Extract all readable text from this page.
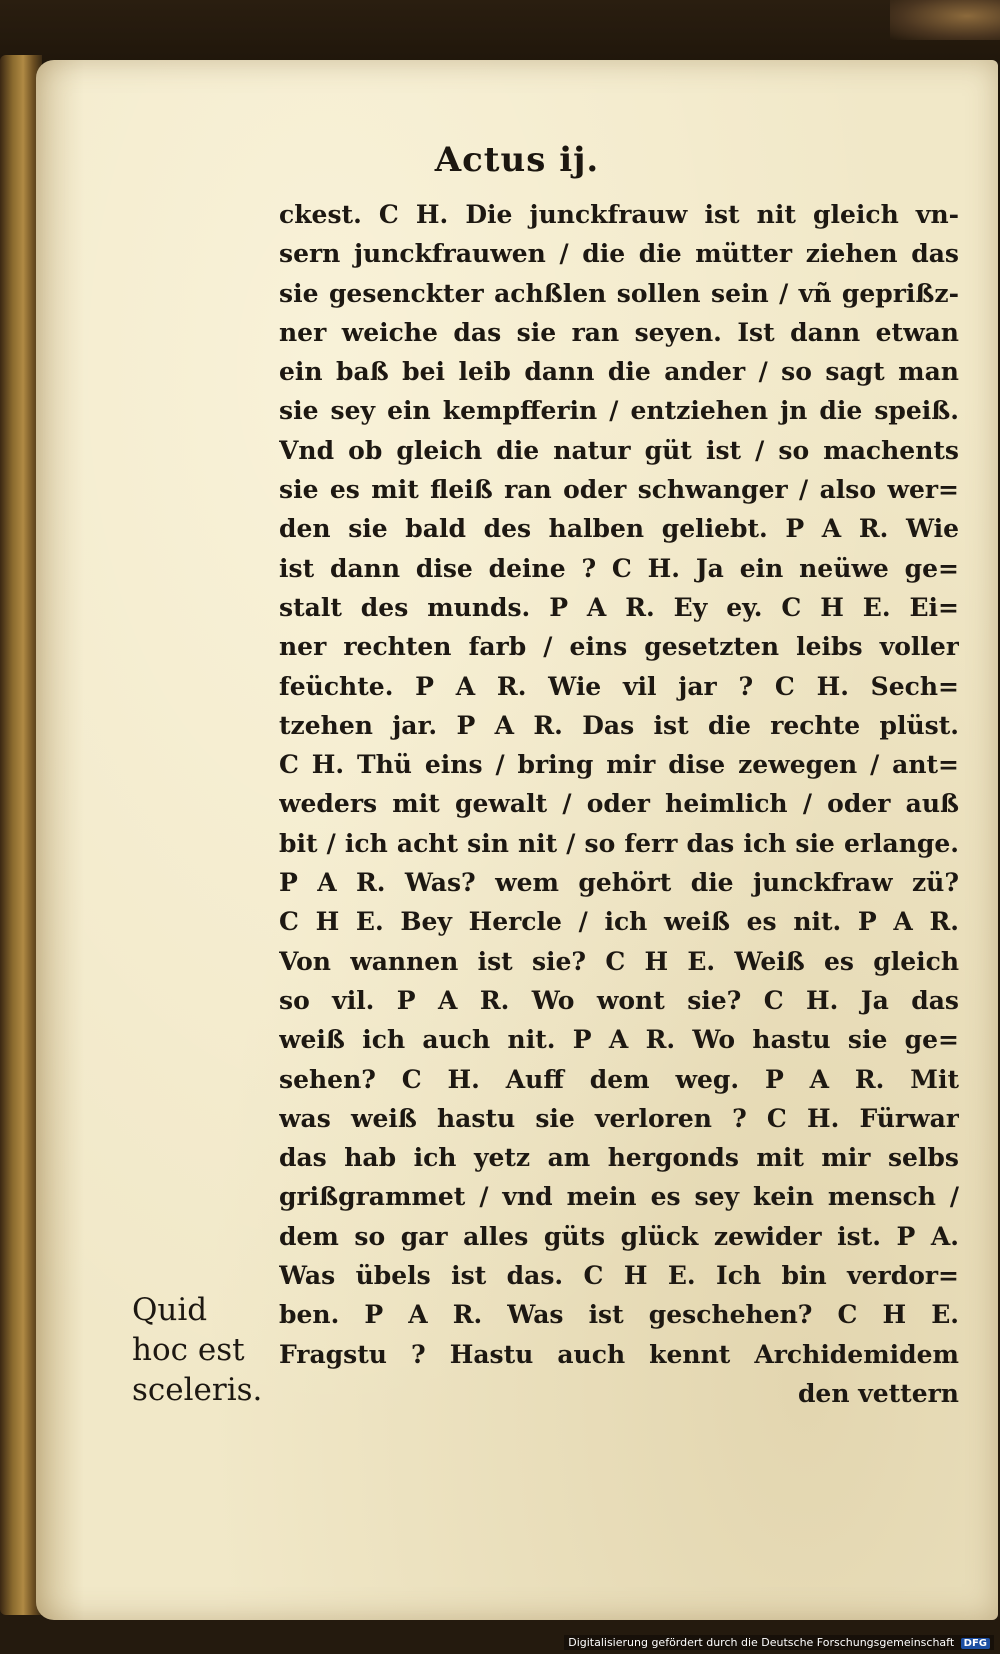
Actus ij.
ckest. C H. Die junckfrauw ist nit gleich vn-
sern junckfrauwen / die die mütter ziehen das
sie gesenckter achßlen sollen sein / vñ geprißz-
ner weiche das sie ran seyen. Ist dann etwan
ein baß bei leib dann die ander / so sagt man
sie sey ein kempfferin / entziehen jn die speiß.
Vnd ob gleich die natur güt ist / so machents
sie es mit fleiß ran oder schwanger / also wer=
den sie bald des halben geliebt. P A R. Wie
ist dann dise deine ? C H. Ja ein neüwe ge=
stalt des munds. P A R. Ey ey. C H E. Ei=
ner rechten farb / eins gesetzten leibs voller
feüchte. P A R. Wie vil jar ? C H. Sech=
tzehen jar. P A R. Das ist die rechte plüst.
C H. Thü eins / bring mir dise zewegen / ant=
weders mit gewalt / oder heimlich / oder auß
bit / ich acht sin nit / so ferr das ich sie erlange.
P A R. Was? wem gehört die junckfraw zü?
C H E. Bey Hercle / ich weiß es nit. P A R.
Von wannen ist sie? C H E. Weiß es gleich
so vil. P A R. Wo wont sie? C H. Ja das
weiß ich auch nit. P A R. Wo hastu sie ge=
sehen? C H. Auff dem weg. P A R. Mit
was weiß hastu sie verloren ? C H. Fürwar
das hab ich yetz am hergonds mit mir selbs
grißgrammet / vnd mein es sey kein mensch /
dem so gar alles güts glück zewider ist. P A.
Was übels ist das. C H E. Ich bin verdor=
ben. P A R. Was ist geschehen? C H E.
Fragstu ? Hastu auch kennt Archidemidem
den vettern
Quid
hoc est
sceleris.
Digitalisierung gefördert durch die Deutsche Forschungsgemeinschaft DFG
